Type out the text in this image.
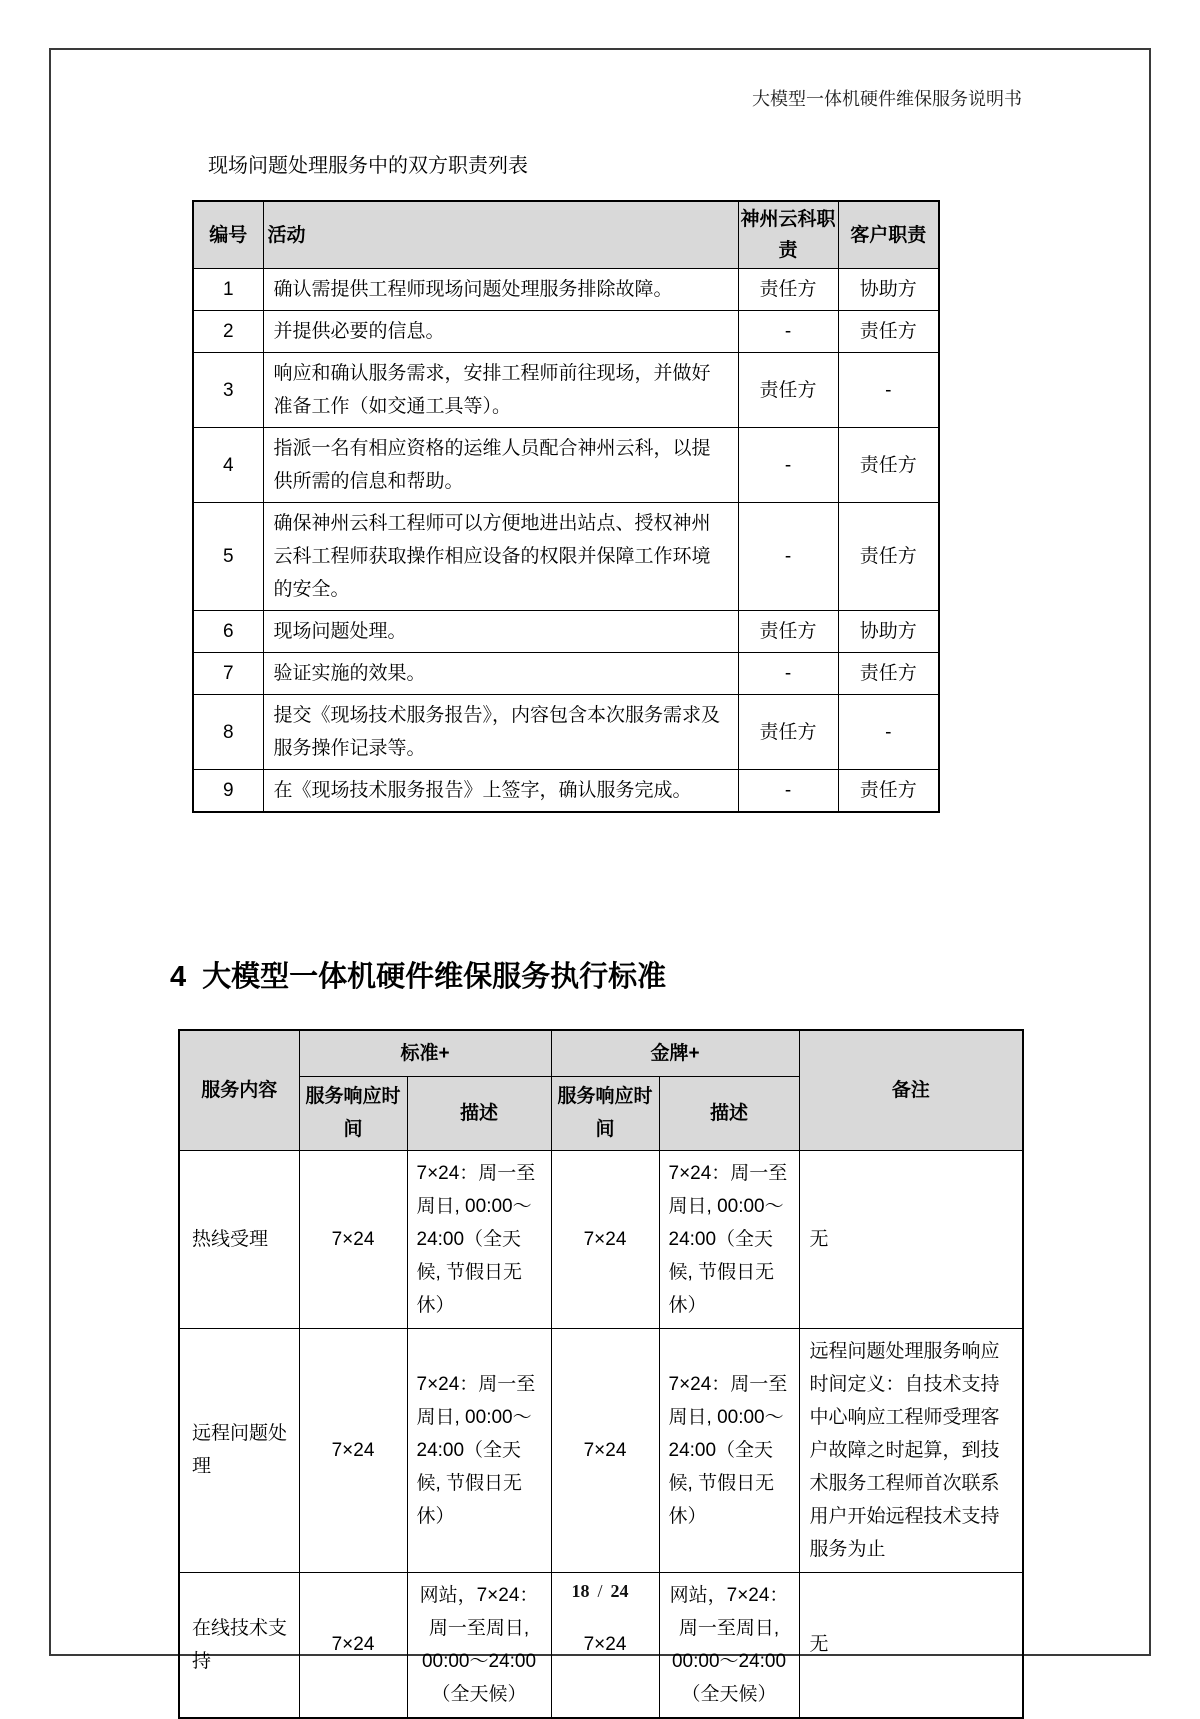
大模型一体机硬件维保服务说明书

现场问题处理服务中的双方职责列表

编号	活动	神州云科职责	客户职责
1	确认需提供工程师现场问题处理服务排除故障。	责任方	协助方
2	并提供必要的信息。	-	责任方
3	响应和确认服务需求，安排工程师前往现场，并做好准备工作（如交通工具等）。	责任方	-
4	指派一名有相应资格的运维人员配合神州云科，以提供所需的信息和帮助。	-	责任方
5	确保神州云科工程师可以方便地进出站点、授权神州云科工程师获取操作相应设备的权限并保障工作环境的安全。	-	责任方
6	现场问题处理。	责任方	协助方
7	验证实施的效果。	-	责任方
8	提交《现场技术服务报告》，内容包含本次服务需求及服务操作记录等。	责任方	-
9	在《现场技术服务报告》上签字，确认服务完成。	-	责任方
4 大模型一体机硬件维保服务执行标准
服务内容	标准+		金牌+		备注
	服务响应时间	描述	服务响应时间	描述	
热线受理	7×24	7×24：周一至周日, 00:00～24:00（全天候, 节假日无休）	7×24	7×24：周一至周日, 00:00～24:00（全天候, 节假日无休）	无
远程问题处理	7×24	7×24：周一至周日, 00:00～24:00（全天候, 节假日无休）	7×24	7×24：周一至周日, 00:00～24:00（全天候, 节假日无休）	远程问题处理服务响应时间定义：自技术支持中心响应工程师受理客户故障之时起算，到技术服务工程师首次联系用户开始远程技术支持服务为止
在线技术支持	7×24	网站，7×24：周一至周日, 00:00～24:00（全天候）	7×24	网站，7×24：周一至周日, 00:00～24:00（全天候）	无
18 / 24
